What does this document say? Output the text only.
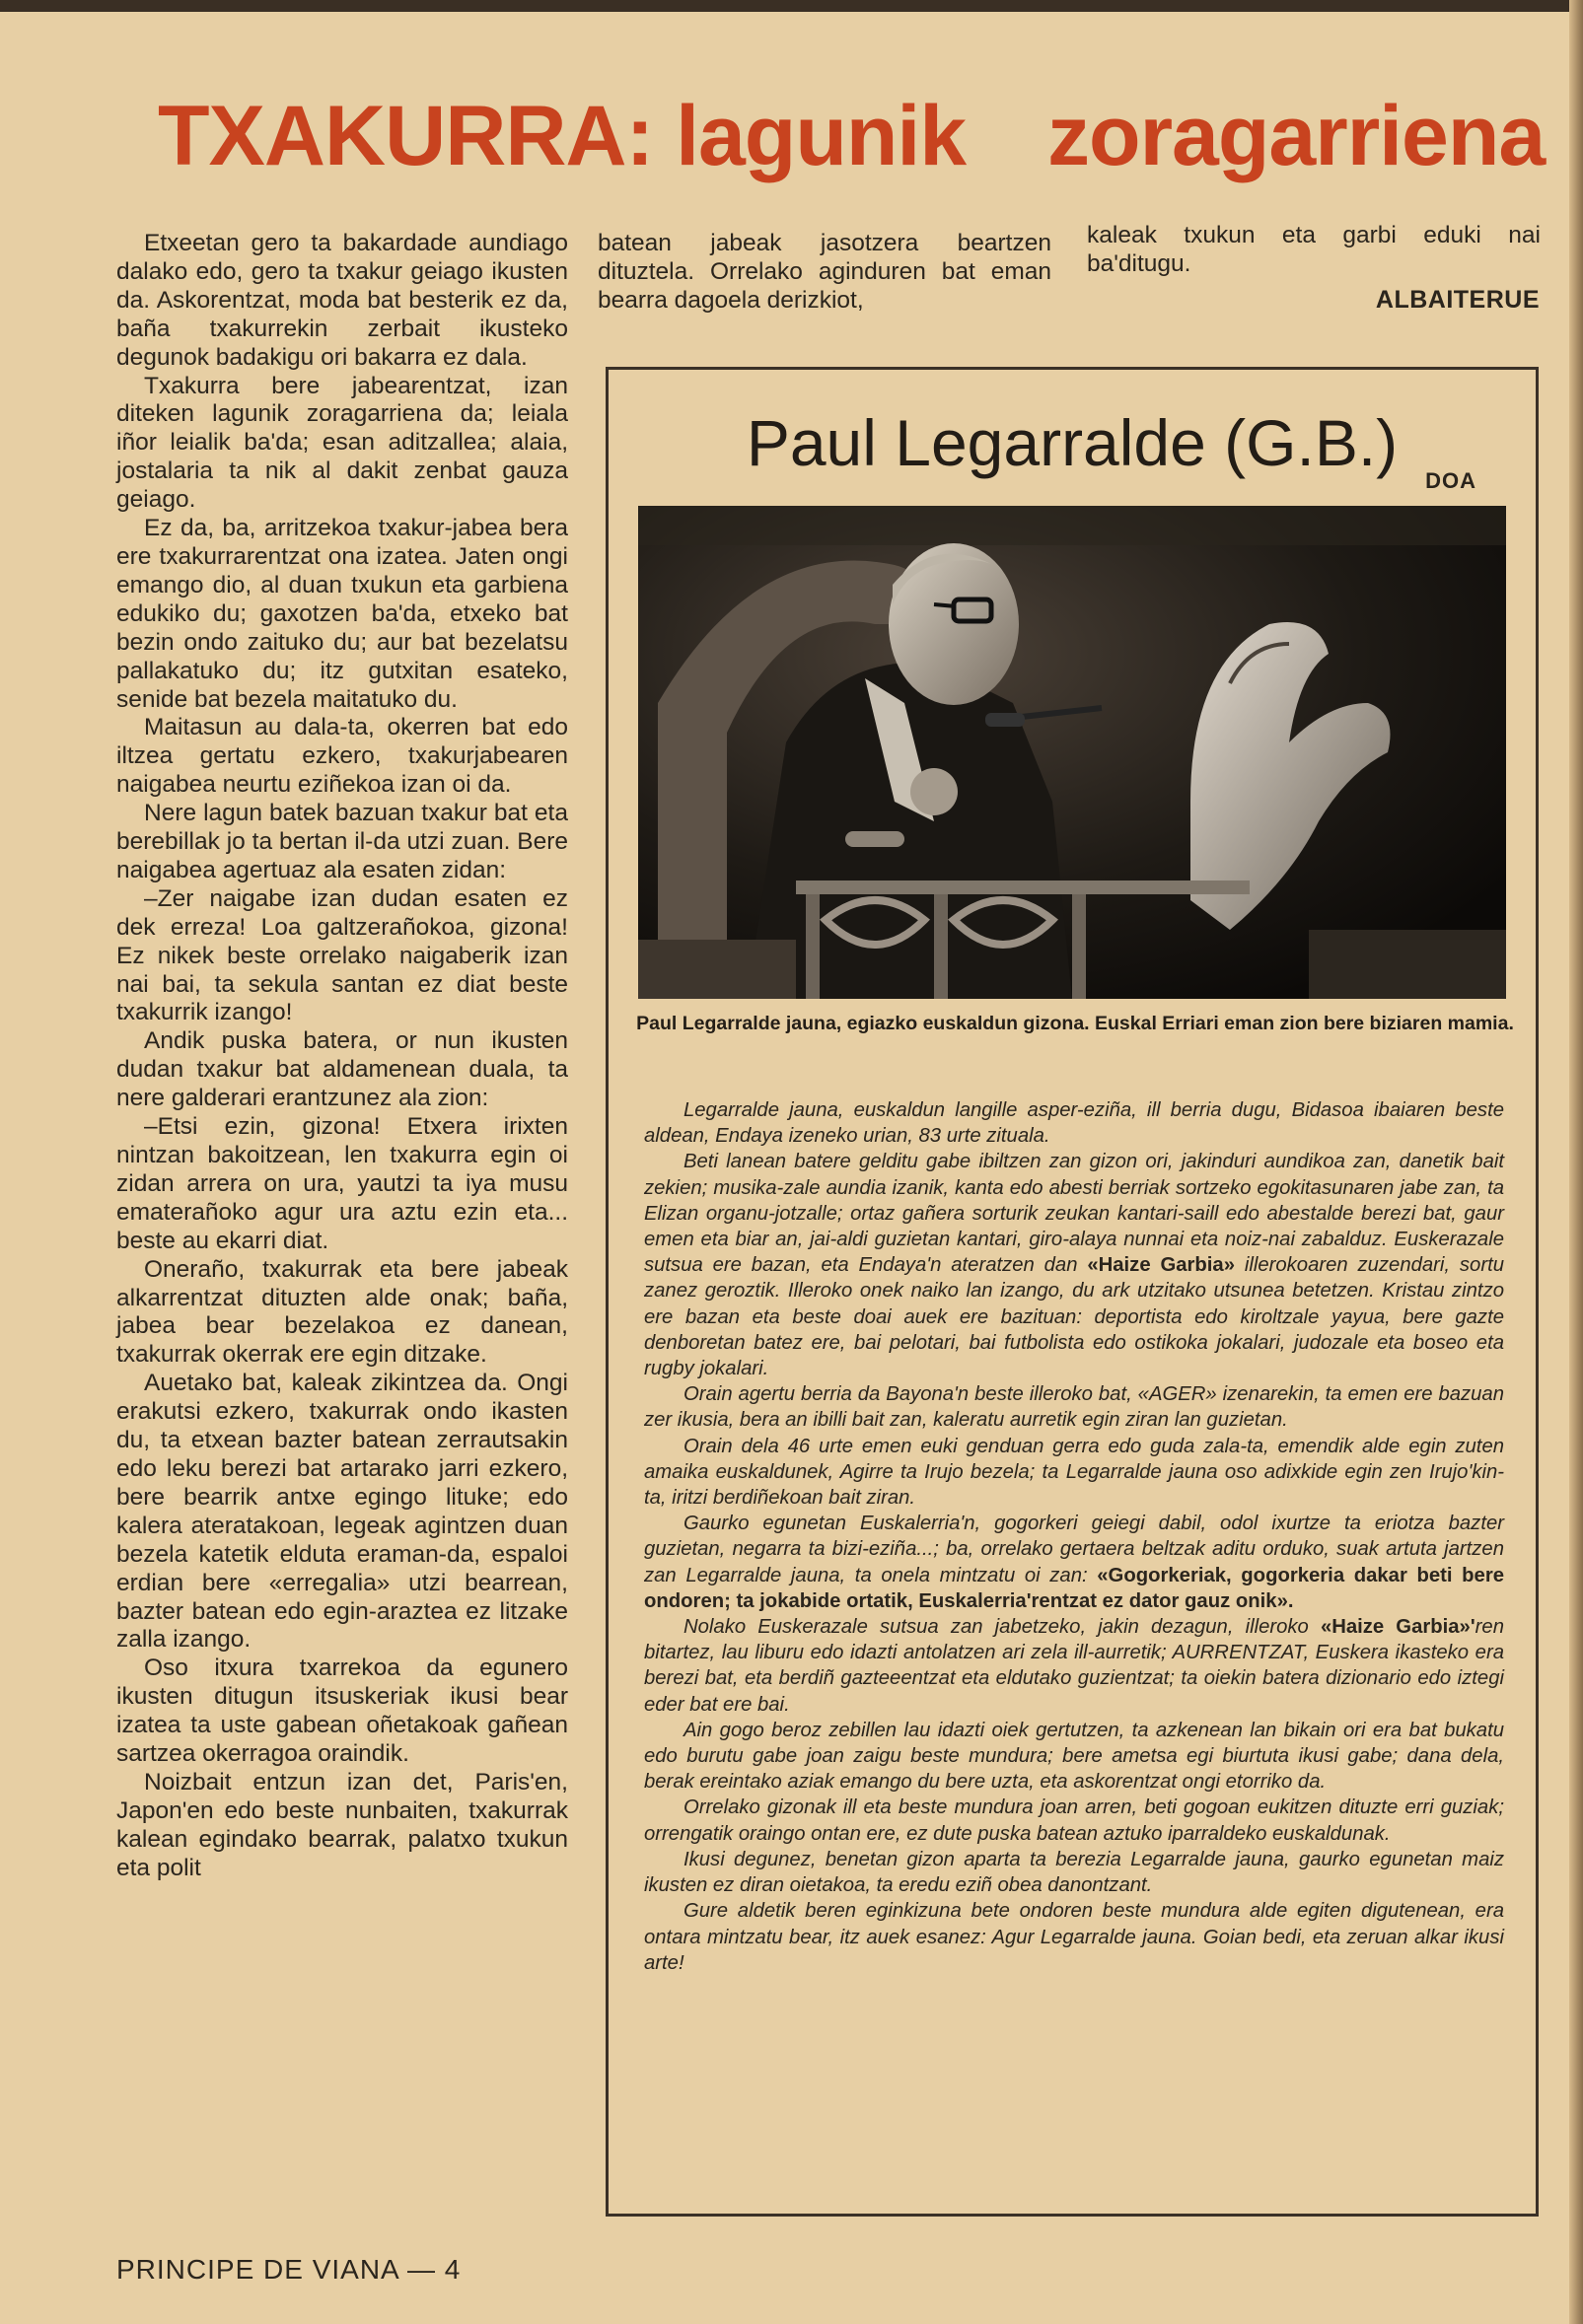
TXAKURRA: lagunik zoragarriena

Etxeetan gero ta bakardade aundiago dalako edo, gero ta txakur geiago ikusten da. Askorentzat, moda bat besterik ez da, baña txakurrekin zerbait ikusteko degunok badakigu ori bakarra ez dala.

Txakurra bere jabearentzat, izan diteken lagunik zoragarriena da; leiala iñor leialik ba'da; esan aditzallea; alaia, jostalaria ta nik al dakit zenbat gauza geiago.

Ez da, ba, arritzekoa txakur-jabea bera ere txakurrarentzat ona izatea. Jaten ongi emango dio, al duan txukun eta garbiena edukiko du; gaxotzen ba'da, etxeko bat bezin ondo zaituko du; aur bat bezelatsu pallakatuko du; itz gutxitan esateko, senide bat bezela maitatuko du.

Maitasun au dala-ta, okerren bat edo iltzea gertatu ezkero, txakurjabearen naigabea neurtu eziñekoa izan oi da.

Nere lagun batek bazuan txakur bat eta berebillak jo ta bertan il-da utzi zuan. Bere naigabea agertuaz ala esaten zidan:

–Zer naigabe izan dudan esaten ez dek erreza! Loa galtzerañokoa, gizona! Ez nikek beste orrelako naigaberik izan nai bai, ta sekula santan ez diat beste txakurrik izango!

Andik puska batera, or nun ikusten dudan txakur bat aldamenean duala, ta nere galderari erantzunez ala zion:

–Etsi ezin, gizona! Etxera irixten nintzan bakoitzean, len txakurra egin oi zidan arrera on ura, yautzi ta iya musu ematerañoko agur ura aztu ezin eta... beste au ekarri diat.

Oneraño, txakurrak eta bere jabeak alkarrentzat dituzten alde onak; baña, jabea bear bezelakoa ez danean, txakurrak okerrak ere egin ditzake.

Auetako bat, kaleak zikintzea da. Ongi erakutsi ezkero, txakurrak ondo ikasten du, ta etxean bazter batean zerrautsakin edo leku berezi bat artarako jarri ezkero, bere bearrik antxe egingo lituke; edo kalera ateratakoan, legeak agintzen duan bezela katetik elduta eraman-da, espaloi erdian bere «erregalia» utzi bearrean, bazter batean edo egin-araztea ez litzake zalla izango.

Oso itxura txarrekoa da egunero ikusten ditugun itsuskeriak ikusi bear izatea ta uste gabean oñetakoak gañean sartzea okerragoa oraindik.

Noizbait entzun izan det, Paris'en, Japon'en edo beste nunbaiten, txakurrak kalean egindako bearrak, palatxo txukun eta polit

batean jabeak jasotzera beartzen dituztela. Orrelako aginduren bat eman bearra dagoela derizkiot,

kaleak txukun eta garbi eduki nai ba'ditugu.

ALBAITERUE
Paul Legarralde (G.B.)
DOA
Paul Legarralde jauna, egiazko euskaldun gizona. Euskal Erriari eman zion bere biziaren mamia.

Legarralde jauna, euskaldun langille asper-eziña, ill berria dugu, Bidasoa ibaiaren beste aldean, Endaya izeneko urian, 83 urte zituala.

Beti lanean batere gelditu gabe ibiltzen zan gizon ori, jakinduri aundikoa zan, danetik bait zekien; musika-zale aundia izanik, kanta edo abesti berriak sortzeko egokitasunaren jabe zan, ta Elizan organu-jotzalle; ortaz gañera sorturik zeukan kantari-saill edo abestalde berezi bat, gaur emen eta biar an, jai-aldi guzietan kantari, giro-alaya nunnai eta noiz-nai zabalduz. Euskerazale sutsua ere bazan, eta Endaya'n ateratzen dan «Haize Garbia» illerokoaren zuzendari, sortu zanez geroztik. Illeroko onek naiko lan izango, du ark utzitako utsunea betetzen. Kristau zintzo ere bazan eta beste doai auek ere bazituan: deportista edo kiroltzale yayua, bere gazte denboretan batez ere, bai pelotari, bai futbolista edo ostikoka jokalari, judozale eta boseo eta rugby jokalari.

Orain agertu berria da Bayona'n beste illeroko bat, «AGER» izenarekin, ta emen ere bazuan zer ikusia, bera an ibilli bait zan, kaleratu aurretik egin ziran lan guzietan.

Orain dela 46 urte emen euki genduan gerra edo guda zala-ta, emendik alde egin zuten amaika euskaldunek, Agirre ta Irujo bezela; ta Legarralde jauna oso adixkide egin zen Irujo'kin-ta, iritzi berdiñekoan bait ziran.

Gaurko egunetan Euskalerria'n, gogorkeri geiegi dabil, odol ixurtze ta eriotza bazter guzietan, negarra ta bizi-eziña...; ba, orrelako gertaera beltzak aditu orduko, suak artuta jartzen zan Legarralde jauna, ta onela mintzatu oi zan: «Gogorkeriak, gogorkeria dakar beti bere ondoren; ta jokabide ortatik, Euskalerria'rentzat ez dator gauz onik».

Nolako Euskerazale sutsua zan jabetzeko, jakin dezagun, illeroko «Haize Garbia»'ren bitartez, lau liburu edo idazti antolatzen ari zela ill-aurretik; AURRENTZAT, Euskera ikasteko era berezi bat, eta berdiñ gazteeentzat eta eldutako guzientzat; ta oiekin batera dizionario edo iztegi eder bat ere bai.

Ain gogo beroz zebillen lau idazti oiek gertutzen, ta azkenean lan bikain ori era bat bukatu edo burutu gabe joan zaigu beste mundura; bere ametsa egi biurtuta ikusi gabe; dana dela, berak ereintako aziak emango du bere uzta, eta askorentzat ongi etorriko da.

Orrelako gizonak ill eta beste mundura joan arren, beti gogoan eukitzen dituzte erri guziak; orrengatik oraingo ontan ere, ez dute puska batean aztuko iparraldeko euskaldunak.

Ikusi degunez, benetan gizon aparta ta berezia Legarralde jauna, gaurko egunetan maiz ikusten ez diran oietakoa, ta eredu eziñ obea danontzant.

Gure aldetik beren eginkizuna bete ondoren beste mundura alde egiten digutenean, era ontara mintzatu bear, itz auek esanez: Agur Legarralde jauna. Goian bedi, eta zeruan alkar ikusi arte!

PRINCIPE DE VIANA — 4
